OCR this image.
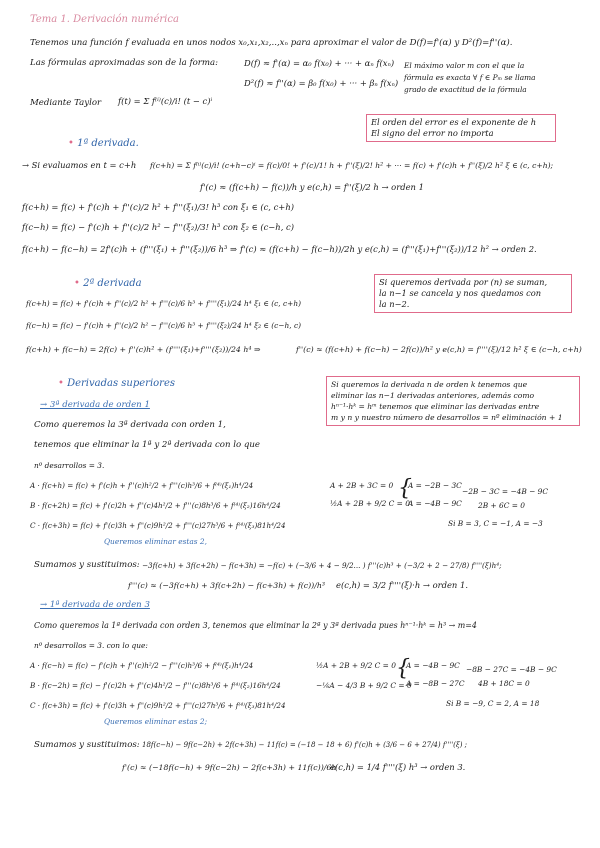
Tema 1. Derivación numérica
Tenemos una función f evaluada en unos nodos x₀,x₁,x₂,..,xₙ para aproximar el valor de D(f)=f'(α) y D²(f)=f''(α).
Las fórmulas aproximadas son de la forma:	D(f) ≈ f'(α) = α₀ f(x₀) + ··· + αₙ f(xₙ)
D²(f) ≈ f''(α) = β₀ f(x₀) + ··· + βₙ f(xₙ)
El máximo valor m con el que la
fórmula es exacta ∀ f ∈ Pₘ se llama
grado de exactitud de la fórmula
Mediante Taylor f(t) = Σ f⁽ⁱ⁾(c)/i! (t − c)ⁱ
El orden del error es el exponente de h
El signo del error no importa
• 1ª derivada.
→ Si evaluamos en t = c+h f(c+h) = Σ f⁽ⁱ⁾(c)/i! (c+h−c)ⁱ = f(c)/0! + f'(c)/1! h + f''(ξ)/2! h² + ··· = f(c) + f'(c)h + f''(ξ)/2 h² ξ ∈ (c, c+h);
f'(c) ≈ (f(c+h) − f(c))/h y e(c,h) = f''(ξ)/2 h → orden 1
f(c+h) = f(c) + f'(c)h + f''(c)/2 h² + f'''(ξ₁)/3! h³ con ξ₁ ∈ (c, c+h)
f(c−h) = f(c) − f'(c)h + f''(c)/2 h² − f'''(ξ₂)/3! h³ con ξ₂ ∈ (c−h, c)
f(c+h) − f(c−h) = 2f'(c)h + (f'''(ξ₁) + f'''(ξ₂))/6 h³ ⇒ f'(c) ≈ (f(c+h) − f(c−h))/2h y e(c,h) = (f'''(ξ₁)+f'''(ξ₂))/12 h² → orden 2.
• 2ª derivada	Si queremos derivada por (n) se suman,
la n−1 se cancela y nos quedamos con
la n−2.
f(c+h) = f(c) + f'(c)h + f''(c)/2 h² + f'''(c)/6 h³ + f''''(ξ₁)/24 h⁴ ξ₁ ∈ (c, c+h)
f(c−h) = f(c) − f'(c)h + f''(c)/2 h² − f'''(c)/6 h³ + f''''(ξ₂)/24 h⁴ ξ₂ ∈ (c−h, c)
f(c+h) + f(c−h) = 2f(c) + f''(c)h² + (f''''(ξ₁)+f''''(ξ₂))/24 h⁴ ⇒	f''(c) ≈ (f(c+h) + f(c−h) − 2f(c))/h² y e(c,h) = f''''(ξ)/12 h² ξ ∈ (c−h, c+h)
• Derivadas superiores	Si queremos la derivada n de orden k tenemos que
eliminar las n−1 derivadas anteriores, además como
hⁿ⁻¹·hᵏ = hᵐ tenemos que eliminar las derivadas entre
m y n y nuestro número de desarrollos = nº eliminación + 1
→ 3ª derivada de orden 1
Como queremos la 3ª derivada con orden 1,
tenemos que eliminar la 1ª y 2ª derivada con lo que
nº desarrollos = 3.
A · f(c+h) = f(c) + f'(c)h + f''(c)h²/2 + f'''(c)h³/6 + f⁽⁴⁾(ξ₁)h⁴/24
B · f(c+2h) = f(c) + f'(c)2h + f''(c)4h²/2 + f'''(c)8h³/6 + f⁽⁴⁾(ξ₂)16h⁴/24
C · f(c+3h) = f(c) + f'(c)3h + f''(c)9h²/2 + f'''(c)27h³/6 + f⁽⁴⁾(ξ₃)81h⁴/24
Queremos eliminar estas 2,
A + 2B + 3C = 0
½A + 2B + 9/2 C = 0
{
A = −2B − 3C
A = −4B − 9C
−2B − 3C = −4B − 9C
2B + 6C = 0
Si B = 3, C = −1, A = −3
Sumamos y sustituimos: −3f(c+h) + 3f(c+2h) − f(c+3h) = −f(c) + (−3/6 + 4 − 9/2... ) f'''(c)h³ + (−3/2 + 2 − 27/8) f''''(ξ)h⁴;
f'''(c) ≈ (−3f(c+h) + 3f(c+2h) − f(c+3h) + f(c))/h³ e(c,h) = 3/2 f''''(ξ)·h → orden 1.
→ 1ª derivada de orden 3
Como queremos la 1ª derivada con orden 3, tenemos que eliminar la 2ª y 3ª derivada pues hⁿ⁻¹·hᵏ = h³ → m=4
nº desarrollos = 3. con lo que:
A · f(c−h) = f(c) − f'(c)h + f''(c)h²/2 − f'''(c)h³/6 + f⁽⁴⁾(ξ₁)h⁴/24
B · f(c−2h) = f(c) − f'(c)2h + f''(c)4h²/2 − f'''(c)8h³/6 + f⁽⁴⁾(ξ₂)16h⁴/24
C · f(c+3h) = f(c) + f'(c)3h + f''(c)9h²/2 + f'''(c)27h³/6 + f⁽⁴⁾(ξ₃)81h⁴/24
Queremos eliminar estas 2;
½A + 2B + 9/2 C = 0
−⅙A − 4/3 B + 9/2 C = 0
{
A = −4B − 9C
A = −8B − 27C
−8B − 27C = −4B − 9C
4B + 18C = 0
Si B = −9, C = 2, A = 18
Sumamos y sustituimos: 18f(c−h) − 9f(c−2h) + 2f(c+3h) − 11f(c) = (−18 − 18 + 6) f'(c)h + (3/6 − 6 + 27/4) f''''(ξ) ;
f'(c) ≈ (−18f(c−h) + 9f(c−2h) − 2f(c+3h) + 11f(c))/6h
e(c,h) = 1/4 f''''(ξ) h³ → orden 3.
